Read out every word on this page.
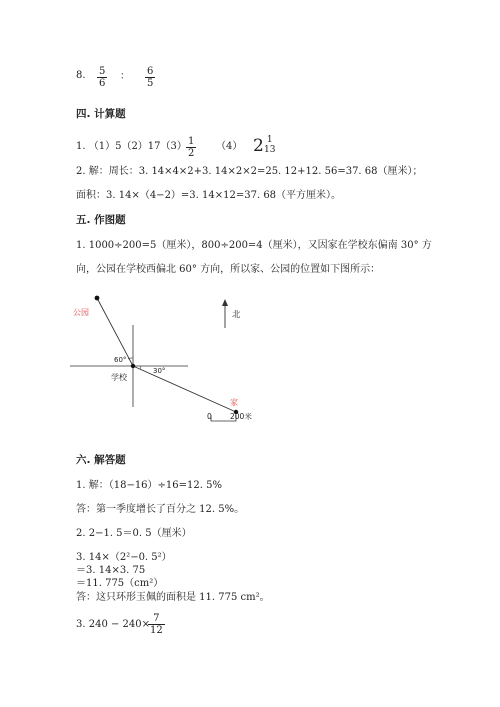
8. $\frac{5}{6}$ ： $\frac{6}{5}$
四. 计算题
1. $(1)5(2)17(3) \frac{1}{2} (4)$ 2 1
13
2. 解：周长：3. 14×4×2+3. 14×2×2=25. 12+12. 56=37. 68（厘米）；
面积：3. 14×（4−2）=3. 14×12=37. 68（平方厘米）。
五. 作图题
1. 1000÷200=5（厘米），800÷200=4（厘米），又因家在学校东偏南 30° 方
向，公园在学校西偏北 60° 方向，所以家、公园的位置如下图所示：
公园
60°
30°
学校
家
北
0 200米
六. 解答题
1. 解：（18−16）÷16=12. 5%
答：第一季度增长了百分之 12. 5%。
2. 2−1. 5＝0. 5（厘米）
3. 14×（2²−0. 5²）
＝3. 14×3. 75
＝11. 775（cm²）
答：这只环形玉佩的面积是 11. 775 cm²。
3. 240 − 240×
$\frac{7}{12}$
